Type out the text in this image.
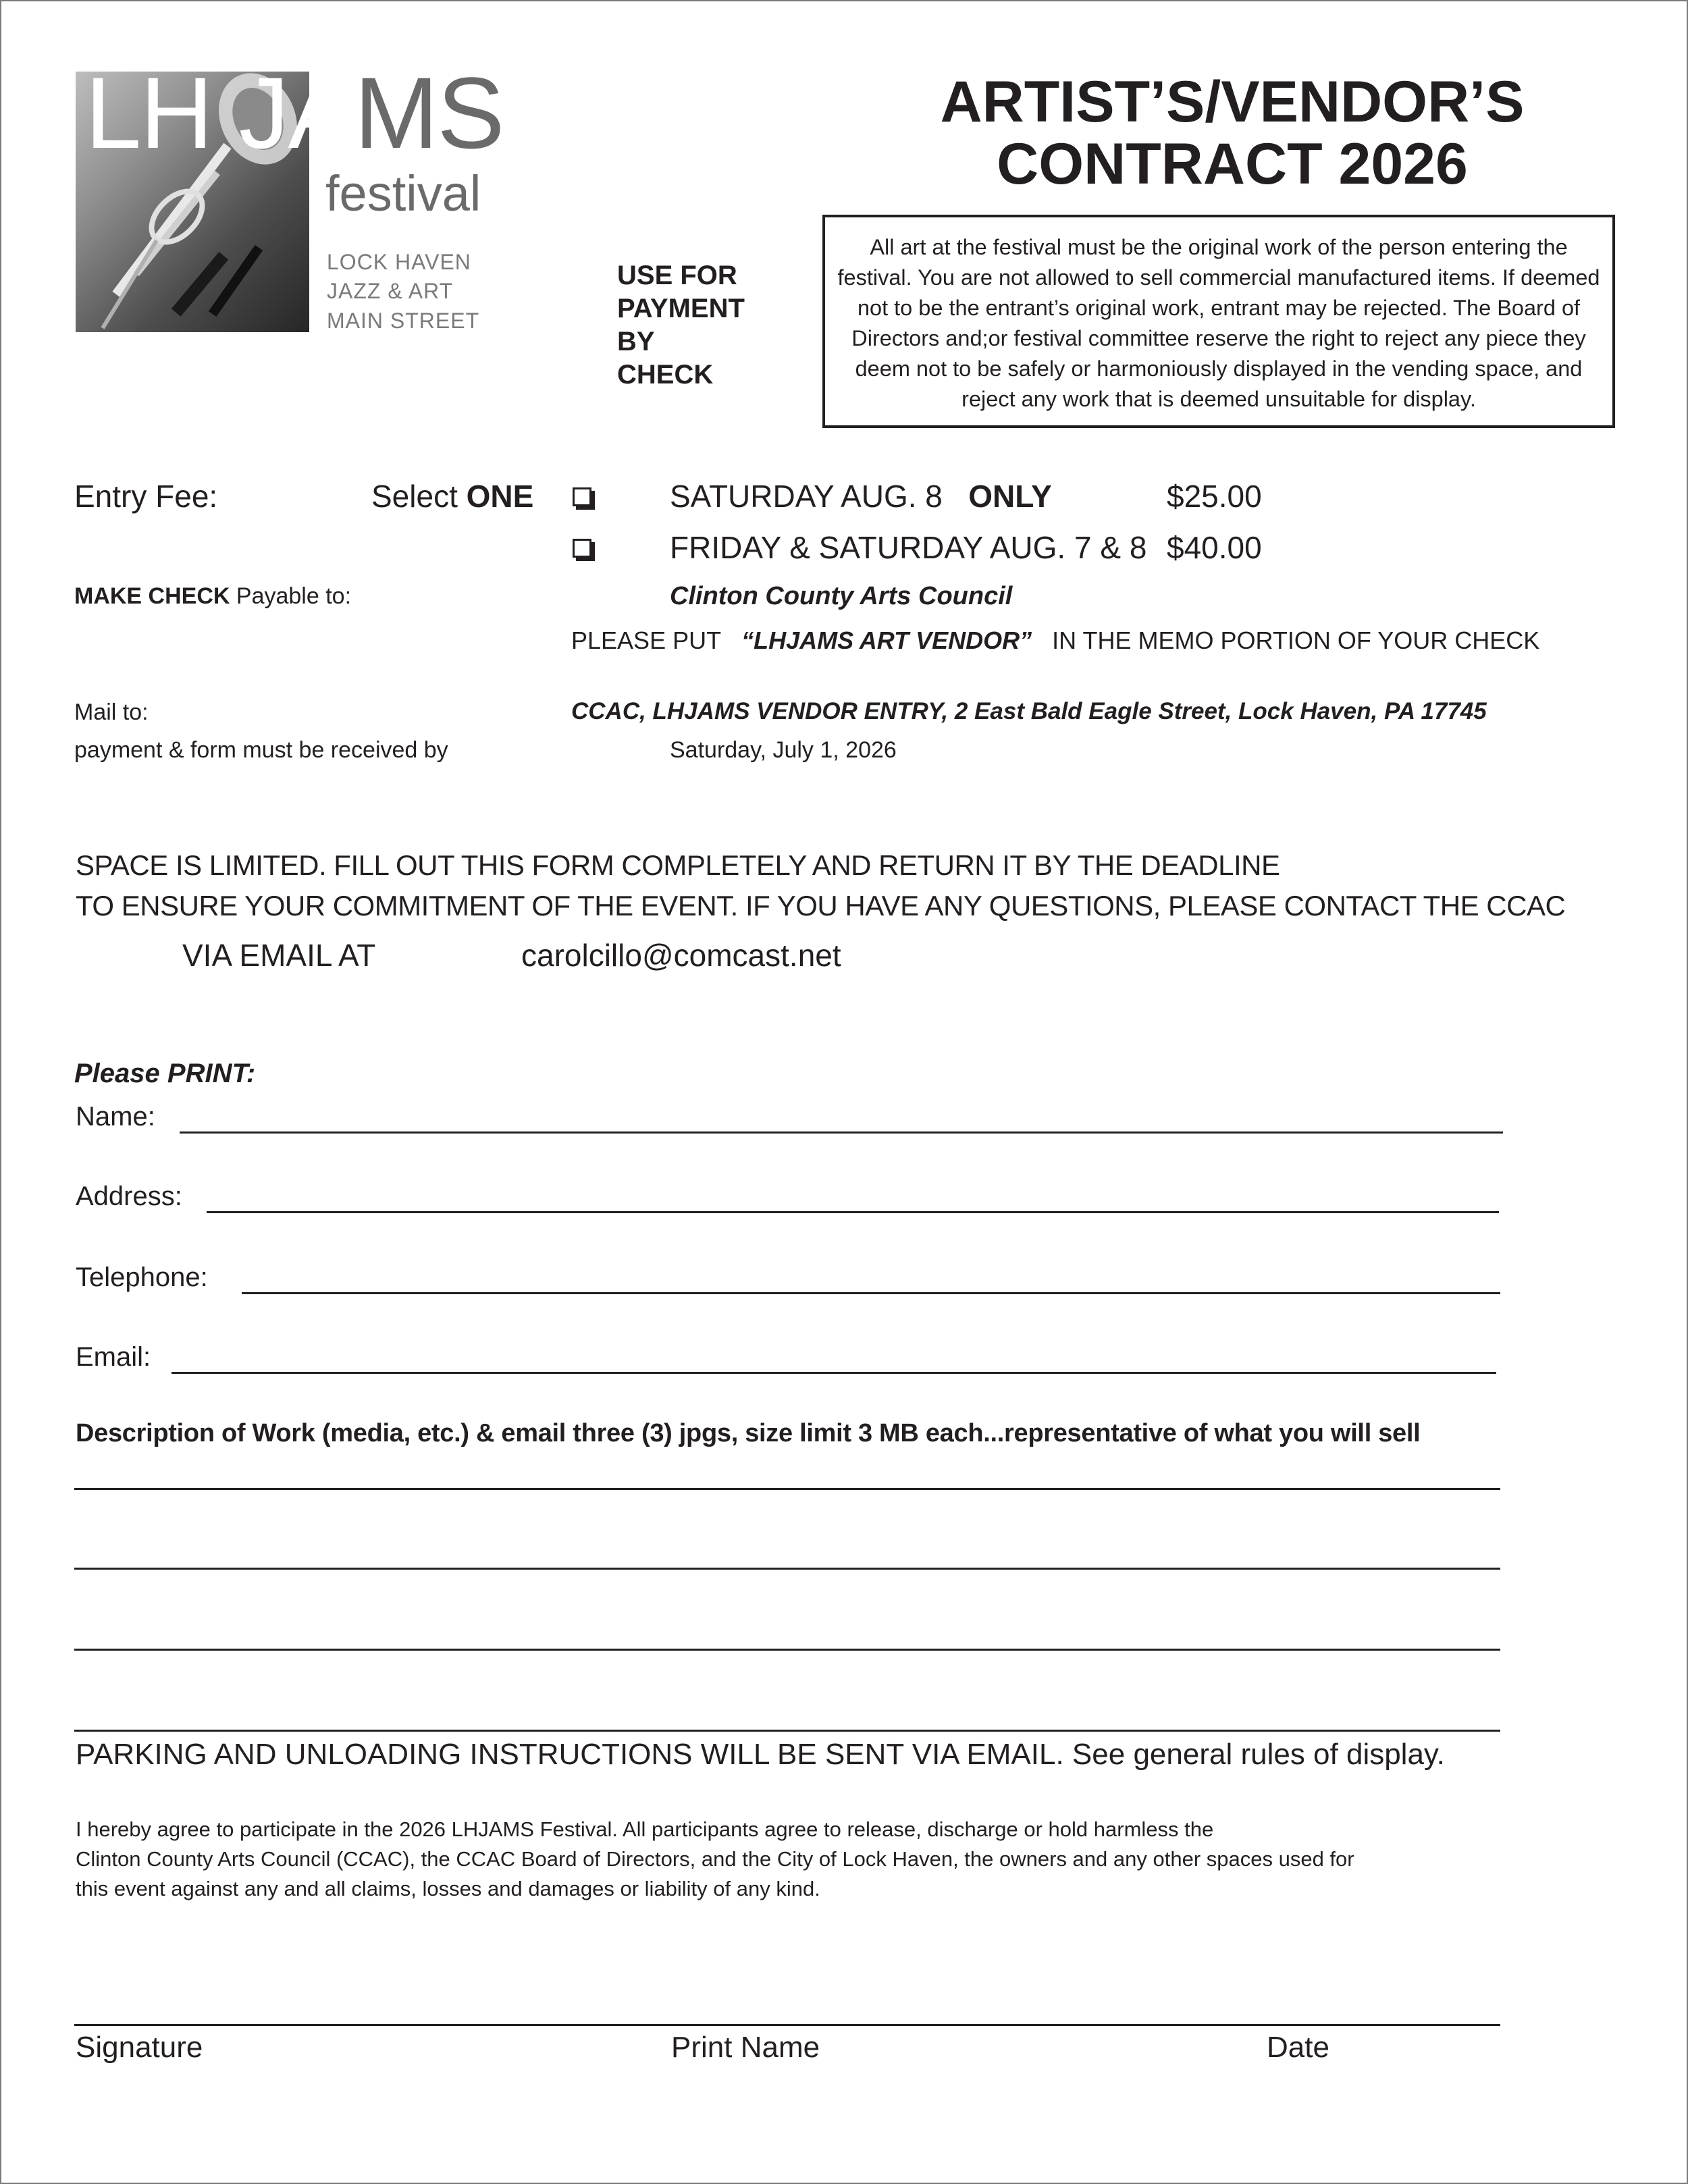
LH JAMS
festival
LOCK HAVEN
JAZZ & ART
MAIN STREET
ARTIST’S/VENDOR’S
CONTRACT 2026
USE FOR
PAYMENT
BY
CHECK
All art at the festival must be the original work of the person entering the festival. You are not allowed to sell commercial manufactured items. If deemed not to be the entrant’s original work, entrant may be rejected. The Board of Directors and;or festival committee reserve the right to reject any piece they deem not to be safely or harmoniously displayed in the vending space, and reject any work that is deemed unsuitable for display.
Entry Fee:	Select ONE	SATURDAY AUG. 8 ONLY	$25.00
FRIDAY & SATURDAY AUG. 7 & 8 $40.00
MAKE CHECK Payable to:	Clinton County Arts Council
PLEASE PUT “LHJAMS ART VENDOR” IN THE MEMO PORTION OF YOUR CHECK
Mail to:	CCAC, LHJAMS VENDOR ENTRY, 2 East Bald Eagle Street, Lock Haven, PA 17745
payment & form must be received by	Saturday, July 1, 2026
SPACE IS LIMITED. FILL OUT THIS FORM COMPLETELY AND RETURN IT BY THE DEADLINE
TO ENSURE YOUR COMMITMENT OF THE EVENT. IF YOU HAVE ANY QUESTIONS, PLEASE CONTACT THE CCAC
VIA EMAIL AT	carolcillo@comcast.net
Please PRINT:
Name:
Address:
Telephone:
Email:
Description of Work (media, etc.) & email three (3) jpgs, size limit 3 MB each...representative of what you will sell
PARKING AND UNLOADING INSTRUCTIONS WILL BE SENT VIA EMAIL. See general rules of display.
I hereby agree to participate in the 2026 LHJAMS Festival. All participants agree to release, discharge or hold harmless the
Clinton County Arts Council (CCAC), the CCAC Board of Directors, and the City of Lock Haven, the owners and any other spaces used for
this event against any and all claims, losses and damages or liability of any kind.
Signature	Print Name	Date
